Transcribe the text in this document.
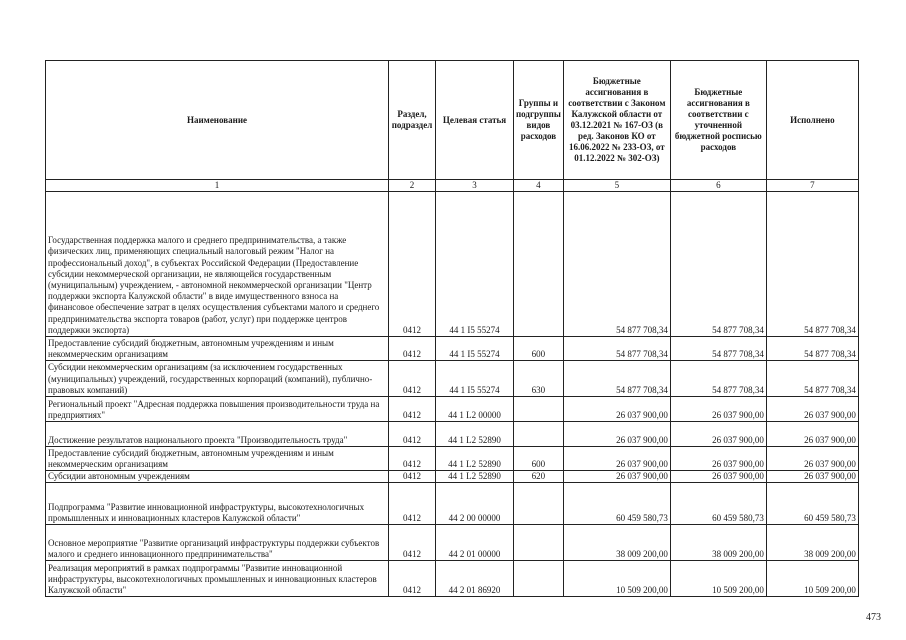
Наименование	Раздел, подраздел	Целевая статья	Группы и подгруппы видов расходов	Бюджетные ассигнования в соответствии с Законом Калужской области от 03.12.2021 № 167-ОЗ (в ред. Законов КО от 16.06.2022 № 233-ОЗ, от 01.12.2022 № 302-ОЗ)	Бюджетные ассигнования в соответствии с уточненной бюджетной росписью расходов	Исполнено
1	2	3	4	5	6	7
Государственная поддержка малого и среднего предпринимательства, а также физических лиц, применяющих специальный налоговый режим "Налог на профессиональный доход", в субъектах Российской Федерации (Предоставление субсидии некоммерческой организации, не являющейся государственным (муниципальным) учреждением, - автономной некоммерческой организации "Центр поддержки экспорта Калужской области" в виде имущественного взноса на финансовое обеспечение затрат в целях осуществления субъектами малого и среднего предпринимательства экспорта товаров (работ, услуг) при поддержке центров поддержки экспорта)	0412	44 1 I5 55274		54 877 708,34	54 877 708,34	54 877 708,34
Предоставление субсидий бюджетным, автономным учреждениям и иным некоммерческим организациям	0412	44 1 I5 55274	600	54 877 708,34	54 877 708,34	54 877 708,34
Субсидии некоммерческим организациям (за исключением государственных (муниципальных) учреждений, государственных корпораций (компаний), публично-правовых компаний)	0412	44 1 I5 55274	630	54 877 708,34	54 877 708,34	54 877 708,34
Региональный проект "Адресная поддержка повышения производительности труда на предприятиях"	0412	44 1 L2 00000		26 037 900,00	26 037 900,00	26 037 900,00
Достижение результатов национального проекта "Производительность труда"	0412	44 1 L2 52890		26 037 900,00	26 037 900,00	26 037 900,00
Предоставление субсидий бюджетным, автономным учреждениям и иным некоммерческим организациям	0412	44 1 L2 52890	600	26 037 900,00	26 037 900,00	26 037 900,00
Субсидии автономным учреждениям	0412	44 1 L2 52890	620	26 037 900,00	26 037 900,00	26 037 900,00
Подпрограмма "Развитие инновационной инфраструктуры, высокотехнологичных промышленных и инновационных кластеров Калужской области"	0412	44 2 00 00000		60 459 580,73	60 459 580,73	60 459 580,73
Основное мероприятие "Развитие организаций инфраструктуры поддержки субъектов малого и среднего инновационного предпринимательства"	0412	44 2 01 00000		38 009 200,00	38 009 200,00	38 009 200,00
Реализация мероприятий в рамках подпрограммы "Развитие инновационной инфраструктуры, высокотехнологичных промышленных и инновационных кластеров Калужской области"	0412	44 2 01 86920		10 509 200,00	10 509 200,00	10 509 200,00
473
